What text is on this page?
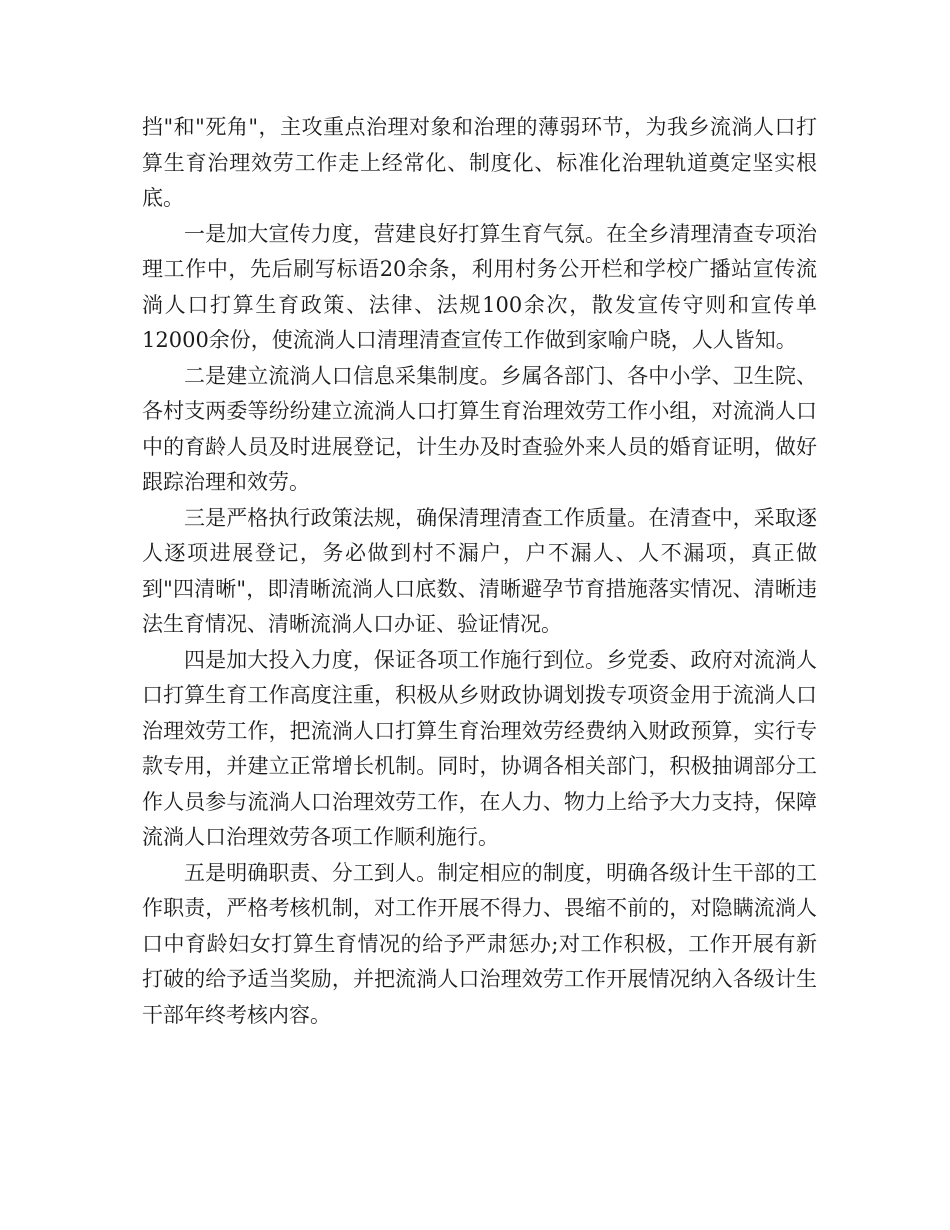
挡"和"死角"，主攻重点治理对象和治理的薄弱环节，为我乡流淌人口打算生育治理效劳工作走上经常化、制度化、标准化治理轨道奠定坚实根底。

一是加大宣传力度，营建良好打算生育气氛。在全乡清理清查专项治理工作中，先后刷写标语20余条，利用村务公开栏和学校广播站宣传流淌人口打算生育政策、法律、法规100余次，散发宣传守则和宣传单12000余份，使流淌人口清理清查宣传工作做到家喻户晓，人人皆知。

二是建立流淌人口信息采集制度。乡属各部门、各中小学、卫生院、各村支两委等纷纷建立流淌人口打算生育治理效劳工作小组，对流淌人口中的育龄人员及时进展登记，计生办及时查验外来人员的婚育证明，做好跟踪治理和效劳。

三是严格执行政策法规，确保清理清查工作质量。在清查中，采取逐人逐项进展登记，务必做到村不漏户，户不漏人、人不漏项，真正做到"四清晰"，即清晰流淌人口底数、清晰避孕节育措施落实情况、清晰违法生育情况、清晰流淌人口办证、验证情况。

四是加大投入力度，保证各项工作施行到位。乡党委、政府对流淌人口打算生育工作高度注重，积极从乡财政协调划拨专项资金用于流淌人口治理效劳工作，把流淌人口打算生育治理效劳经费纳入财政预算，实行专款专用，并建立正常增长机制。同时，协调各相关部门，积极抽调部分工作人员参与流淌人口治理效劳工作，在人力、物力上给予大力支持，保障流淌人口治理效劳各项工作顺利施行。

五是明确职责、分工到人。制定相应的制度，明确各级计生干部的工作职责，严格考核机制，对工作开展不得力、畏缩不前的，对隐瞒流淌人口中育龄妇女打算生育情况的给予严肃惩办;对工作积极，工作开展有新打破的给予适当奖励，并把流淌人口治理效劳工作开展情况纳入各级计生干部年终考核内容。
